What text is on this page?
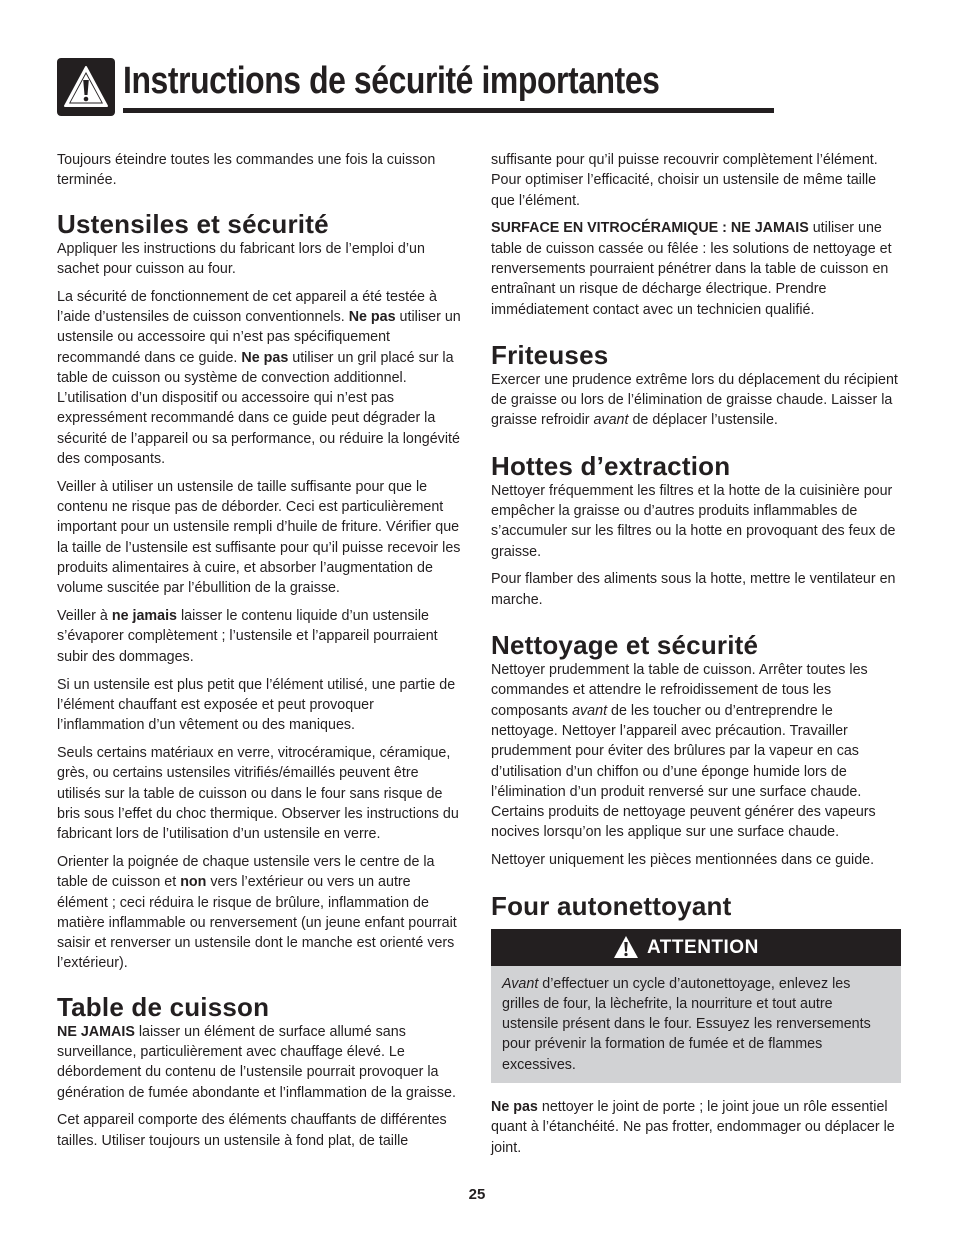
Instructions de sécurité importantes

Toujours éteindre toutes les commandes une fois la cuisson terminée.

Ustensiles et sécurité

Appliquer les instructions du fabricant lors de l’emploi d’un sachet pour cuisson au four.

La sécurité de fonctionnement de cet appareil a été testée à l’aide d’ustensiles de cuisson conventionnels. Ne pas utiliser un ustensile ou accessoire qui n’est pas spécifiquement recommandé dans ce guide. Ne pas utiliser un gril placé sur la table de cuisson ou système de convection additionnel. L’utilisation d’un dispositif ou accessoire qui n’est pas expressément recommandé dans ce guide peut dégrader la sécurité de l’appareil ou sa performance, ou réduire la longévité des composants.

Veiller à utiliser un ustensile de taille suffisante pour que le contenu ne risque pas de déborder. Ceci est particulièrement important pour un ustensile rempli d’huile de friture. Vérifier que la taille de l’ustensile est suffisante pour qu’il puisse recevoir les produits alimentaires à cuire, et absorber l’augmentation de volume suscitée par l’ébullition de la graisse.

Veiller à ne jamais laisser le contenu liquide d’un ustensile s’évaporer complètement ; l’ustensile et l’appareil pourraient subir des dommages.

Si un ustensile est plus petit que l’élément utilisé, une partie de l’élément chauffant est exposée et peut provoquer l’inflammation d’un vêtement ou des maniques.

Seuls certains matériaux en verre, vitrocéramique, céramique, grès, ou certains ustensiles vitrifiés/émaillés peuvent être utilisés sur la table de cuisson ou dans le four sans risque de bris sous l’effet du choc thermique. Observer les instructions du fabricant lors de l’utilisation d’un ustensile en verre.

Orienter la poignée de chaque ustensile vers le centre de la table de cuisson et non vers l’extérieur ou vers un autre élément ; ceci réduira le risque de brûlure, inflammation de matière inflammable ou renversement (un jeune enfant pourrait saisir et renverser un ustensile dont le manche est orienté vers l’extérieur).

Table de cuisson

NE JAMAIS laisser un élément de surface allumé sans surveillance, particulièrement avec chauffage élevé. Le débordement du contenu de l’ustensile pourrait provoquer la génération de fumée abondante et l’inflammation de la graisse.

Cet appareil comporte des éléments chauffants de différentes tailles. Utiliser toujours un ustensile à fond plat, de taille

suffisante pour qu’il puisse recouvrir complètement l’élément. Pour optimiser l’efficacité, choisir un ustensile de même taille que l’élément.

SURFACE EN VITROCÉRAMIQUE : NE JAMAIS utiliser une table de cuisson cassée ou fêlée : les solutions de nettoyage et renversements pourraient pénétrer dans la table de cuisson en entraînant un risque de décharge électrique. Prendre immédiatement contact avec un technicien qualifié.

Friteuses

Exercer une prudence extrême lors du déplacement du récipient de graisse ou lors de l’élimination de graisse chaude. Laisser la graisse refroidir avant de déplacer l’ustensile.

Hottes d’extraction

Nettoyer fréquemment les filtres et la hotte de la cuisinière pour empêcher la graisse ou d’autres produits inflammables de s’accumuler sur les filtres ou la hotte en provoquant des feux de graisse.

Pour flamber des aliments sous la hotte, mettre le ventilateur en marche.

Nettoyage et sécurité

Nettoyer prudemment la table de cuisson. Arrêter toutes les commandes et attendre le refroidissement de tous les composants avant de les toucher ou d’entreprendre le nettoyage. Nettoyer l’appareil avec précaution. Travailler prudemment pour éviter des brûlures par la vapeur en cas d’utilisation d’un chiffon ou d’une éponge humide lors de l’élimination d’un produit renversé sur une surface chaude. Certains produits de nettoyage peuvent générer des vapeurs nocives lorsqu’on les applique sur une surface chaude.

Nettoyer uniquement les pièces mentionnées dans ce guide.

Four autonettoyant
ATTENTION

Avant d’effectuer un cycle d’autonettoyage, enlevez les grilles de four, la lèchefrite, la nourriture et tout autre ustensile présent dans le four. Essuyez les renversements pour prévenir la formation de fumée et de flammes excessives.

Ne pas nettoyer le joint de porte ; le joint joue un rôle essentiel quant à l’étanchéité. Ne pas frotter, endommager ou déplacer le joint.

25
